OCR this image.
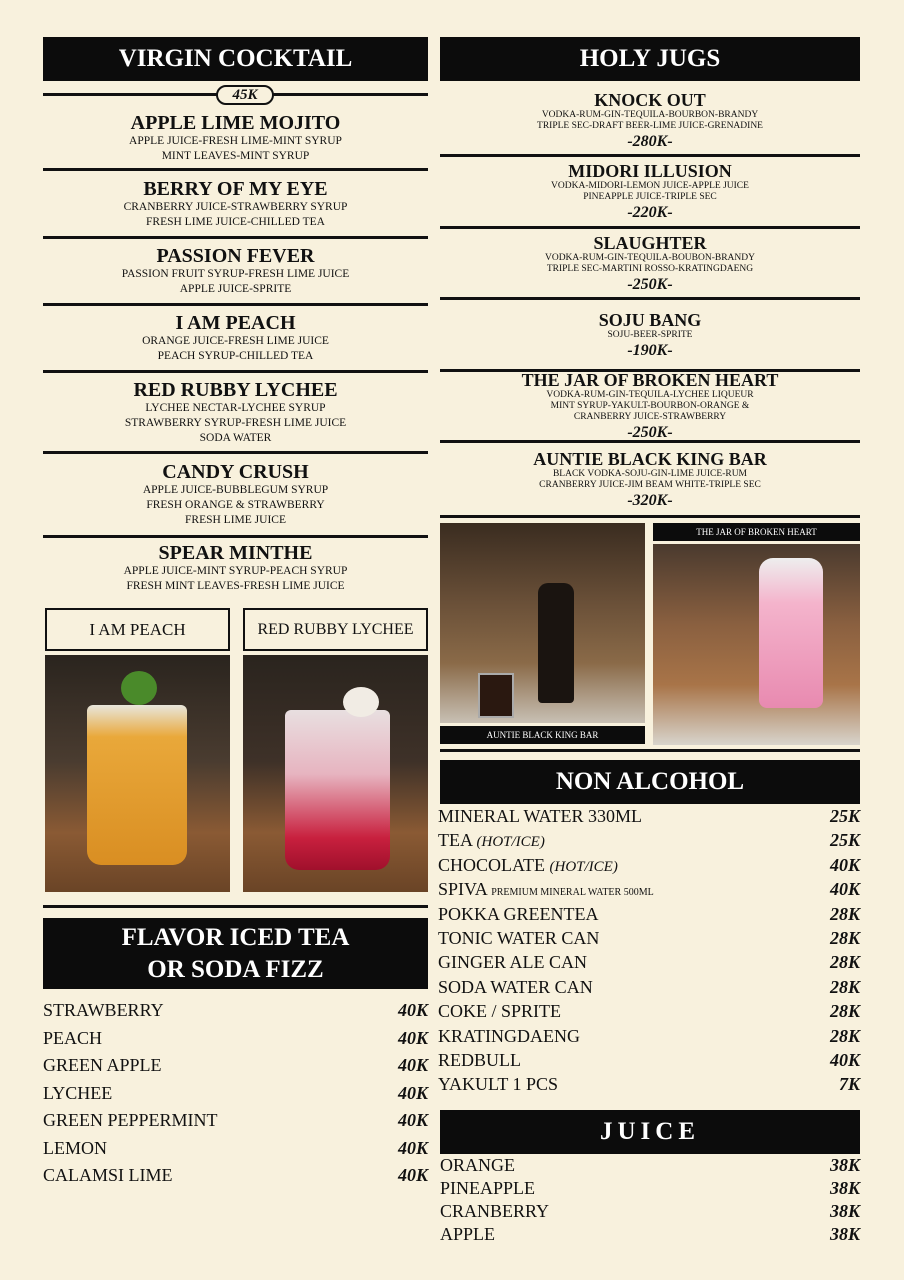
VIRGIN COCKTAIL
45K
APPLE LIME MOJITO
APPLE JUICE-FRESH LIME-MINT SYRUP
MINT LEAVES-MINT SYRUP
BERRY OF MY EYE
CRANBERRY JUICE-STRAWBERRY SYRUP
FRESH LIME JUICE-CHILLED TEA
PASSION FEVER
PASSION FRUIT SYRUP-FRESH LIME JUICE
APPLE JUICE-SPRITE
I AM PEACH
ORANGE JUICE-FRESH LIME JUICE
PEACH SYRUP-CHILLED TEA
RED RUBBY LYCHEE
LYCHEE NECTAR-LYCHEE SYRUP
STRAWBERRY SYRUP-FRESH LIME JUICE
SODA WATER
CANDY CRUSH
APPLE JUICE-BUBBLEGUM SYRUP
FRESH ORANGE & STRAWBERRY
FRESH LIME JUICE
SPEAR MINTHE
APPLE JUICE-MINT SYRUP-PEACH SYRUP
FRESH MINT LEAVES-FRESH LIME JUICE
I AM PEACH	RED RUBBY LYCHEE
FLAVOR ICED TEA
OR SODA FIZZ
STRAWBERRY	40K
PEACH	40K
GREEN APPLE	40K
LYCHEE	40K
GREEN PEPPERMINT	40K
LEMON	40K
CALAMSI LIME	40K
HOLY JUGS
KNOCK OUT
VODKA-RUM-GIN-TEQUILA-BOURBON-BRANDY
TRIPLE SEC-DRAFT BEER-LIME JUICE-GRENADINE
-280K-
MIDORI ILLUSION
VODKA-MIDORI-LEMON JUICE-APPLE JUICE
PINEAPPLE JUICE-TRIPLE SEC
-220K-
SLAUGHTER
VODKA-RUM-GIN-TEQUILA-BOUBON-BRANDY
TRIPLE SEC-MARTINI ROSSO-KRATINGDAENG
-250K-
SOJU BANG
SOJU-BEER-SPRITE
-190K-
THE JAR OF BROKEN HEART
VODKA-RUM-GIN-TEQUILA-LYCHEE LIQUEUR
MINT SYRUP-YAKULT-BOURBON-ORANGE &
CRANBERRY JUICE-STRAWBERRY
-250K-
AUNTIE BLACK KING BAR
BLACK VODKA-SOJU-GIN-LIME JUICE-RUM
CRANBERRY JUICE-JIM BEAM WHITE-TRIPLE SEC
-320K-
AUNTIE BLACK KING BAR
THE JAR OF BROKEN HEART
NON ALCOHOL
MINERAL WATER 330ML	25K
TEA (HOT/ICE)	25K
CHOCOLATE (HOT/ICE)	40K
SPIVA PREMIUM MINERAL WATER 500ML	40K
POKKA GREENTEA	28K
TONIC WATER CAN	28K
GINGER ALE CAN	28K
SODA WATER CAN	28K
COKE / SPRITE	28K
KRATINGDAENG	28K
REDBULL	40K
YAKULT 1 PCS	7K
JUICE
ORANGE	38K
PINEAPPLE	38K
CRANBERRY	38K
APPLE	38K
